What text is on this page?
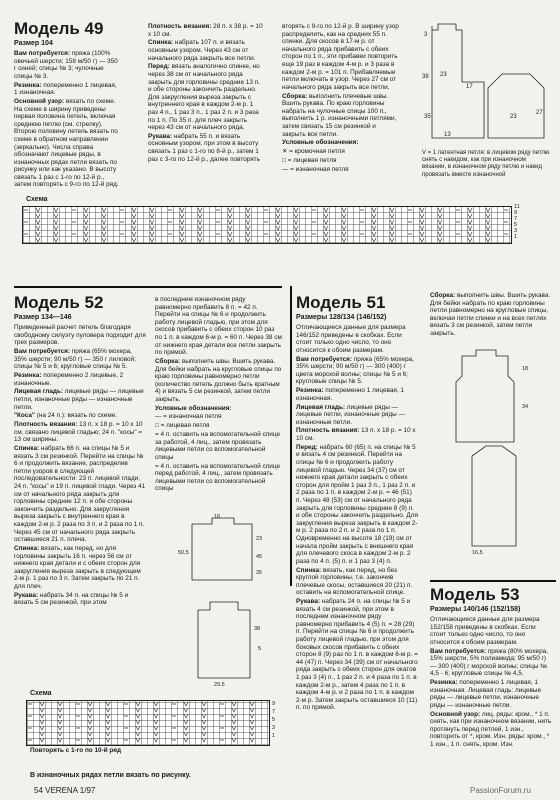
Модель 49
Размер 104

Вам потребуется: пряжа (100% овечьей шерсти; 158 м/50 г) — 350 г синей; спицы № 3; чулочные спицы № 3.

Резинка: попеременно 1 лицевая, 1 изнаночная.

Основной узор: вязать по схеме. На схеме в ширину приведены первая половина петель, включая среднюю петлю (см. стрелку). Второю половину петель вязать по схеме в обратном направлении (зеркально). Числа справа обозначают лицевые ряды, в изнаночных рядах петли вязать по рисунку или как указано. В высоту связать 1 раз с 1-го по 12-й р., затем повторять с 9-го по 12-й ряд.

Плотность вязания: 28 п. x 38 р. = 10 x 10 см.

Спинка: набрать 107 п. и вязать основным узором. Через 43 см от начального ряда закрыть все петли.

Перед: вязать аналогично спинке, но через 38 см от начального ряда закрыть для горловины средние 13 п. и обе стороны закончить раздельно. Для закругления выреза закрыть с внутреннего края в каждом 2-м р. 1 раз 4 п., 1 раз 3 п., 1 раз 2 п. и 3 раза по 1 п. По 35 п. для плеч закрыть через 43 см от начального ряда.

Рукава: набрать 55 п. и вязать основным узором, при этом в высоту связать 1 раз с 1-го по 8-й р., затем 1 раз с 3-го по 12-й р., далее повторять

вторять с 9-го по 12-й р. В ширину узор распределить, как на средних 55 п. спинки. Для скосов в 17-м р. от начального ряда прибавить с обеих сторон по 1 п., эти прибавки повторить еще 19 раз в каждом 4-м р. и 3 раза в каждом 2-м р. = 101 п. Прибавляемые петли включать в узор. Через 27 см от начального ряда закрыть все петли.

Сборка: выполнить плечевые швы. Вшить рукава. По краю горловины набрать на чулочные спицы 100 п., выполнить 1 р. изнаночными петлями, затем связать 15 см резинкой и закрыть все петли.

Условные обозначения:

✕ = кромочная петля

□ = лицевая петля

— = изнаночная петля

V = 1 патентная петля: в лицевом ряду петлю снять с накидом, как при изнаночном вязании, в изнаночном ряду петлю и накид провязать вместе изнаночной
3
23
17
13
38
35	23
27
Схема
11
9
7
5
3
1
Модель 52
Размер 134—146

Приведенный расчет петель благодаря свободному силуэту пуловера подходит для трех размеров.

Вам потребуется: пряжа (65% мохера, 35% шерсти; 90 м/50 г) — 350 г лиловой; спицы № 5 и 6; кругловые спицы № 5.

Резинка: попеременно 2 лицевые, 2 изнаночные.

Лицевая гладь: лицевые ряды — лицевые петли, изнаночные ряды — изнаночные петли.

"Коса" (на 24 п.): вязать по схеме.

Плотность вязания: 13 п. x 18 р. = 10 x 10 см, связано лицевой гладью; 24 п. "косы" = 13 см ширины.

Спинка: набрать 66 п. на спицы № 5 и вязать 3 см резинкой. Перейти на спицы № 6 и продолжить вязание, распределив петли узоров в следующей последовательности: 23 п. лицевой глади, 24 п. "косы" и 19 п. лицевой глади. Через 41 см от начального ряда закрыть для горловины средние 12 п. и обе стороны закончить раздельно. Для закругления выреза закрыть с внутреннего края в каждом 2-м р. 2 раза по 3 п. и 2 раза по 1 п. Через 45 см от начального ряда закрыть оставшиеся 21 п. плеча.

Спинка: вязать, как перед, но для горловины закрыть 16 п. через 56 см от нижнего края детали и с обеих сторон для закругления выреза закрыть в следующем 2-м р. 1 раз по 3 п. Затем закрыть по 21 п. для плеч.

Рукава: набрать 34 п. на спицы № 5 и вязать 5 см резинкой, при этом

в последнем изнаночном ряду равномерно прибавить 8 п. = 42 п. Перейти на спицы № 6 и продолжить работу лицевой гладью, при этом для скосов прибавить с обеих сторон 10 раз по 1 п. в каждом 6-м р. = 60 п. Через 38 см от нижнего края детали все петли закрыть по прямой.

Сборка: выполнить швы. Вшить рукава. Для бейки набрать на кругловые спицы по краю горловины равномерно петли (количество петель должно быть кратным 4) и вязать 5 см резинкой, затем петли закрыть.

Условные обозначения:

— = изнаночная петля

□ = лицевая петля

= 4 п. оставить на вспомогательной спице за работой, 4 лиц., затем провязать лицевыми петли со вспомогательной спицы

= 4 п. оставить на вспомогательной спице перед работой, 4 лиц., затем провязать лицевыми петли со вспомогательной спицы

23
45
35
50,5
38
5
29,5
16
Схема
9
7
5
3
1
Повторять с 1-го по 10-й ряд
В изнаночных рядах петли вязать по рисунку.
Модель 51
Размеры 128/134 (146/152)

Отличающиеся данные для размера 146/152 приведены в скобках. Если стоит только одно число, то оно относится к обоим размерам.

Вам потребуется: пряжа (65% мохера, 35% шерсти; 90 м/50 г) — 300 (400) г цвета морской волны; спицы № 5 и 6; кругловые спицы № 5.

Резинка: попеременно 1 лицевая, 1 изнаночная.

Лицевая гладь: лицевые ряды — лицевые петли, изнаночные ряды — изнаночные петли.

Плотность вязания: 13 п. x 18 р. = 10 x 10 см.

Перед: набрать 60 (65) п. на спицы № 5 и вязать 4 см резинкой. Перейти на спицы № 6 и продолжить работу лицевой гладью. Через 34 (37) см от нижнего края детали закрыть с обеих сторон для пройм 1 раз 3 п., 1 раз 2 п. и 2 раза по 1 п. в каждом 2-м р. = 46 (51) п. Через 48 (53) см от начального ряда закрыть для горловины средние 8 (9) п. и обе стороны закончить раздельно. Для закругления выреза закрыть в каждом 2-м р. 2 раза по 2 п. и 2 раза по 1 п. Одновременно на высоте 18 (19) см от начала пройм закрыть с внешнего края для плечевого скоса в каждом 2-м р. 2 раза по 4 п. (5) п. и 1 раз 3 (4) п.

Спинка: вязать, как перед, но без круглой горловины, т.е. закончив плечевые скосы, оставшиеся 20 (21) п. оставить на вспомогательной спице.

Рукава: набрать 24 п. на спицы № 5 и вязать 4 см резинкой, при этом в последнем изнаночном ряду равномерно прибавить 4 (5) п. = 28 (29) п. Перейти на спицы № 6 и продолжить работу лицевой гладью, при этом для боковых скосов прибавить с обеих сторон 8 (9) раз по 1 п. в каждом 6-м р. = 44 (47) п. Через 34 (39) см от начального ряда закрыть с обеих сторон для окатов 1 раз 3 (4) п., 1 раз 2 п. и 4 раза по 1 п. в каждом 2-м р., затем 4 раза по 1 п. в каждом 4-м р. и 2 раза по 1 п. в каждом 2-м р. Затем закрыть оставшиеся 10 (11) п. по прямой.

Сборка: выполнить швы. Вшить рукава. Для бейки набрать по краю горловины петли равномерно на кругловые спицы, включая петли спинки и на всех петлях вязать 3 см резинкой, затем петли закрыть.

18
34
16,5
Модель 53
Размеры 140/146 (152/158)

Отличающиеся данные для размера 152/158 приведены в скобках. Если стоит только одно число, то оно относится к обоим размерам.

Вам потребуется: пряжа (80% мохера, 15% шерсти, 5% полиамида; 95 м/50 г) — 300 (400) г морской волны; спицы № 4,5 - 6; кругловые спицы № 4,5.

Резинка: попеременно 1 лицевая, 1 изнаночная. Лицевая гладь: лицевые ряды — лицевые петли, изнаночные ряды — изнаночные петли.

Основной узор: лиц. ряды: кром., * 1 п. снять, как при изнаночном вязании, нить протянуть перед петлей, 1 изн., повторить от *, кром. Изн. ряды: кром., * 1 изн., 1 п. снять, кром. Изн.

54 VERENA 1/97	PassionForum.ru
